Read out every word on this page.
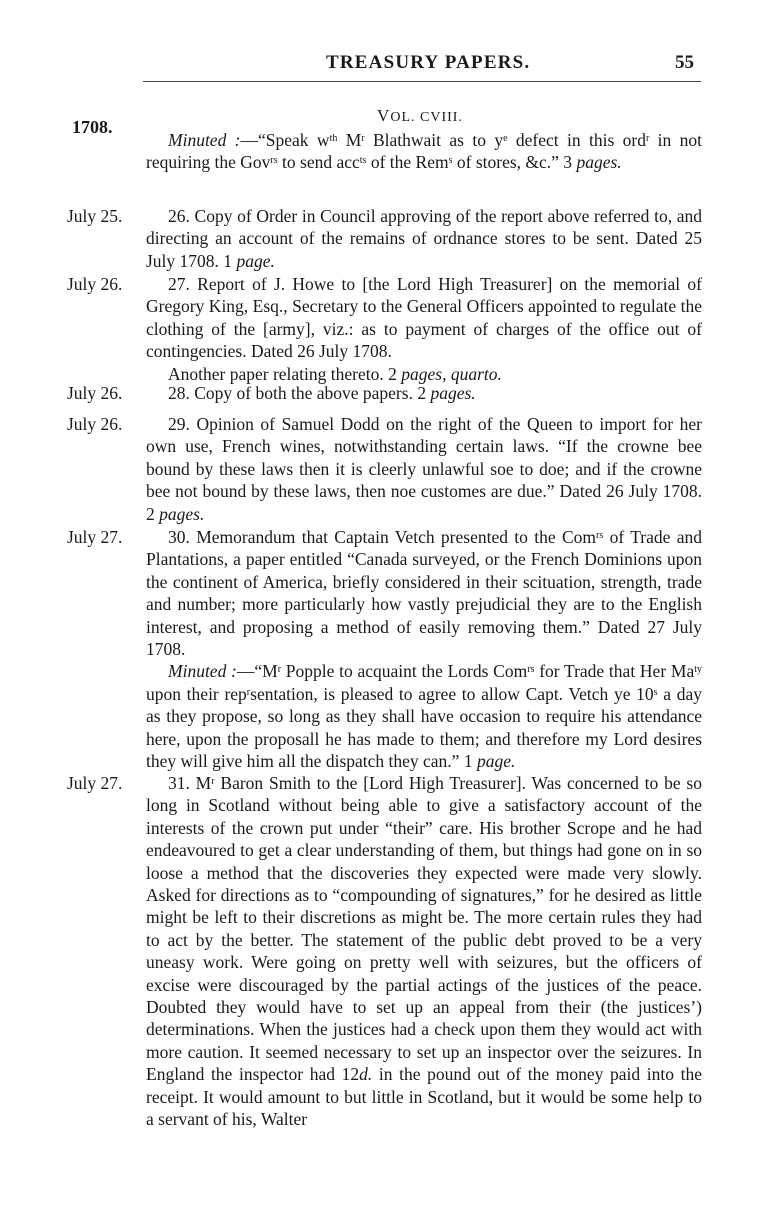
TREASURY PAPERS.	55
1708.
VOL. CVIII.

Minuted :—“Speak $w^{th}$ $M^r$ Blathwait as to $y^e$ defect in this ord$^r$ in not requiring the Gov$^{rs}$ to send acc$^{ts}$ of the Rem$^s$ of stores, &c.” 3 pages.

July 25.	26. Copy of Order in Council approving of the report above referred to, and directing an account of the remains of ordnance stores to be sent. Dated 25 July 1708. 1 page.

July 26.	27. Report of J. Howe to [the Lord High Treasurer] on the memorial of Gregory King, Esq., Secretary to the General Officers appointed to regulate the clothing of the [army], viz.: as to payment of charges of the office out of contingencies. Dated 26 July 1708.

Another paper relating thereto. 2 pages, quarto.

July 26.	28. Copy of both the above papers. 2 pages.

July 26.	29. Opinion of Samuel Dodd on the right of the Queen to import for her own use, French wines, notwithstanding certain laws. “If the crowne bee bound by these laws then it is cleerly unlawful soe to doe; and if the crowne bee not bound by these laws, then noe customes are due.” Dated 26 July 1708. 2 pages.

July 27.	30. Memorandum that Captain Vetch presented to the Com$^{rs}$ of Trade and Plantations, a paper entitled “Canada surveyed, or the French Dominions upon the continent of America, briefly considered in their scituation, strength, trade and number; more particularly how vastly prejudicial they are to the English interest, and proposing a method of easily removing them.” Dated 27 July 1708.

Minuted $:—“M^r$ Popple to acquaint the Lords Com$^{rs}$ for Trade that Her $Ma^{ty}$ upon their rep$^r$sentation, is pleased to agree to allow Capt. Vetch ye 10$^s$ a day as they propose, so long as they shall have occasion to require his attendance here, upon the proposall he has made to them; and therefore my Lord desires they will give him all the dispatch they can.” 1 page.

July 27.	31. $M^r$ Baron Smith to the [Lord High Treasurer]. Was concerned to be so long in Scotland without being able to give a satisfactory account of the interests of the crown put under “their” care. His brother Scrope and he had endeavoured to get a clear understanding of them, but things had gone on in so loose a method that the discoveries they expected were made very slowly. Asked for directions as to “compounding of signatures,” for he desired as little might be left to their discretions as might be. The more certain rules they had to act by the better. The statement of the public debt proved to be a very uneasy work. Were going on pretty well with seizures, but the officers of excise were discouraged by the partial actings of the justices of the peace. Doubted they would have to set up an appeal from their (the justices’) determinations. When the justices had a check upon them they would act with more caution. It seemed necessary to set up an inspector over the seizures. In England the inspector had 12d. in the pound out of the money paid into the receipt. It would amount to but little in Scotland, but it would be some help to a servant of his, Walter
